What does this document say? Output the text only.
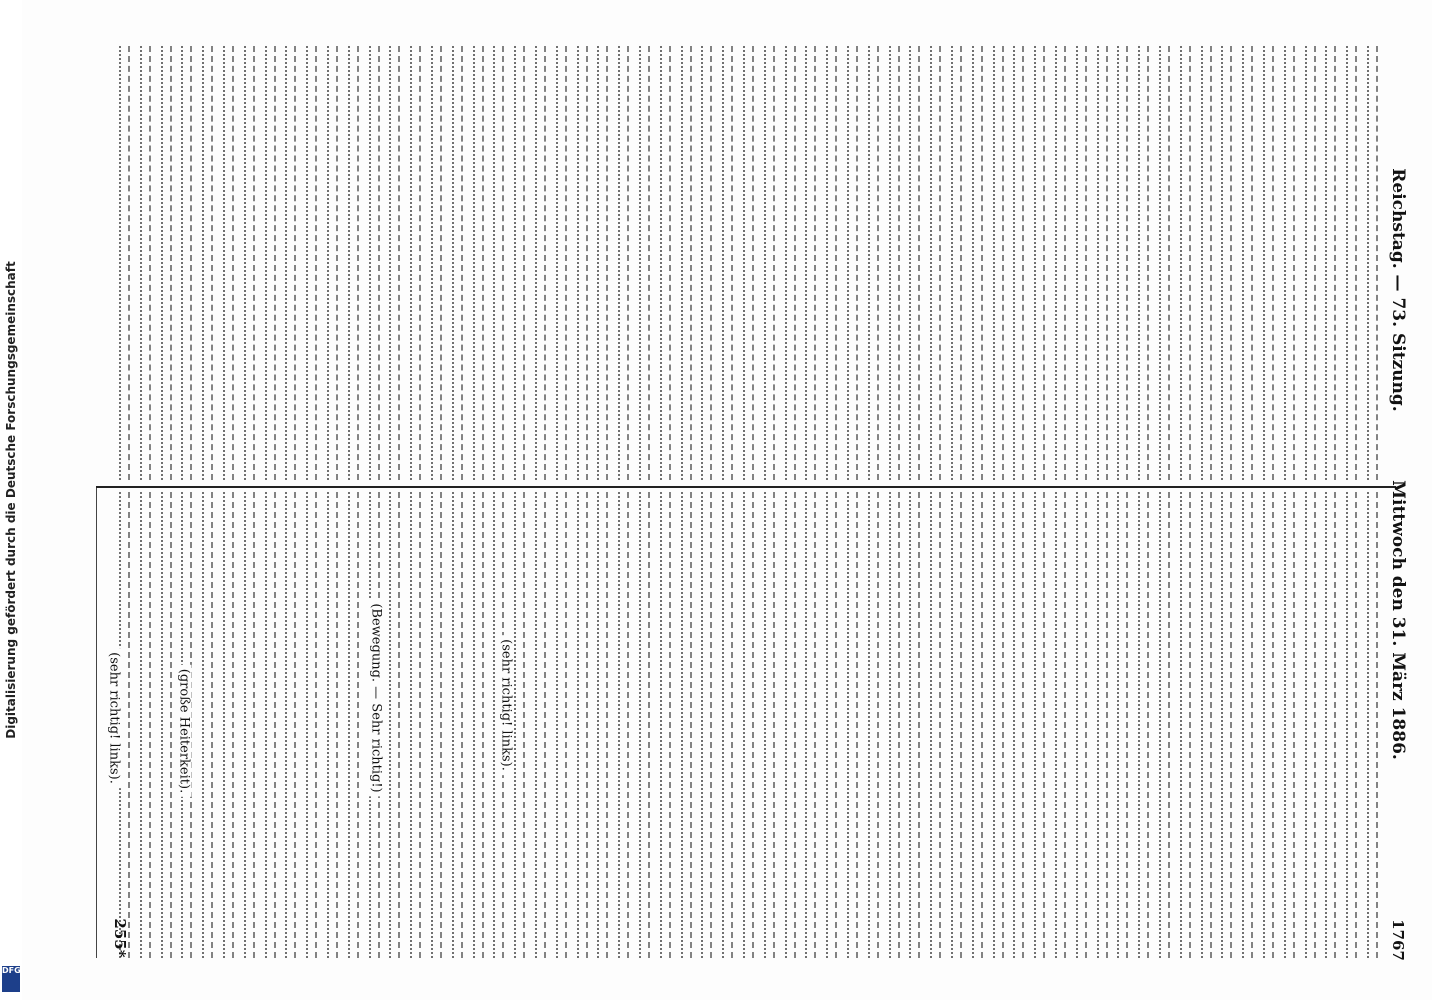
Digitalisierung gefördert durch die Deutsche Forschungsgemeinschaft
DFG
Reichstag. — 73. Sitzung.
Mittwoch den 31. März 1886.
1767
(sehr richtig! links).
(Bewegung. — Sehr richtig!)
(große Heiterkeit).
(sehr richtig! links).
255*
